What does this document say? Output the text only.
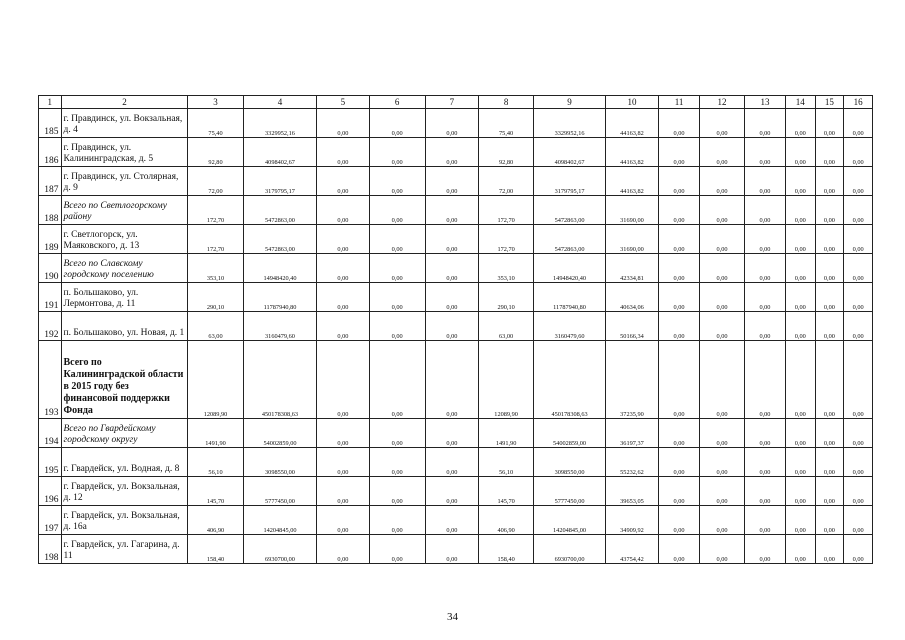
1	2	3	4	5	6	7	8	9	10	11	12	13	14	15	16
185	г. Правдинск, ул. Вокзальная, д. 4	75,40	3329952,16	0,00	0,00	0,00	75,40	3329952,16	44163,82	0,00	0,00	0,00	0,00	0,00	0,00
186	г. Правдинск, ул. Калининградская, д. 5	92,80	4098402,67	0,00	0,00	0,00	92,80	4098402,67	44163,82	0,00	0,00	0,00	0,00	0,00	0,00
187	г. Правдинск, ул. Столярная, д. 9	72,00	3179795,17	0,00	0,00	0,00	72,00	3179795,17	44163,82	0,00	0,00	0,00	0,00	0,00	0,00
188	Всего по Светлогорскому району	172,70	5472863,00	0,00	0,00	0,00	172,70	5472863,00	31690,00	0,00	0,00	0,00	0,00	0,00	0,00
189	г. Светлогорск, ул. Маяковского, д. 13	172,70	5472863,00	0,00	0,00	0,00	172,70	5472863,00	31690,00	0,00	0,00	0,00	0,00	0,00	0,00
190	Всего по Славскому городскому поселению	353,10	14948420,40	0,00	0,00	0,00	353,10	14948420,40	42334,81	0,00	0,00	0,00	0,00	0,00	0,00
191	п. Большаково, ул. Лермонтова, д. 11	290,10	11787940,80	0,00	0,00	0,00	290,10	11787940,80	40634,06	0,00	0,00	0,00	0,00	0,00	0,00
192	п. Большаково, ул. Новая, д. 1	63,00	3160479,60	0,00	0,00	0,00	63,00	3160479,60	50166,34	0,00	0,00	0,00	0,00	0,00	0,00
193	Всего по Калининградской области в 2015 году без финансовой поддержки Фонда	12089,90	450178308,63	0,00	0,00	0,00	12089,90	450178308,63	37235,90	0,00	0,00	0,00	0,00	0,00	0,00
194	Всего по Гвардейскому городскому округу	1491,90	54002859,00	0,00	0,00	0,00	1491,90	54002859,00	36197,37	0,00	0,00	0,00	0,00	0,00	0,00
195	г. Гвардейск, ул. Водная, д. 8	56,10	3098550,00	0,00	0,00	0,00	56,10	3098550,00	55232,62	0,00	0,00	0,00	0,00	0,00	0,00
196	г. Гвардейск, ул. Вокзальная, д. 12	145,70	5777450,00	0,00	0,00	0,00	145,70	5777450,00	39653,05	0,00	0,00	0,00	0,00	0,00	0,00
197	г. Гвардейск, ул. Вокзальная, д. 16а	406,90	14204845,00	0,00	0,00	0,00	406,90	14204845,00	34909,92	0,00	0,00	0,00	0,00	0,00	0,00
198	г. Гвардейск, ул. Гагарина, д. 11	158,40	6930700,00	0,00	0,00	0,00	158,40	6930700,00	43754,42	0,00	0,00	0,00	0,00	0,00	0,00
34
